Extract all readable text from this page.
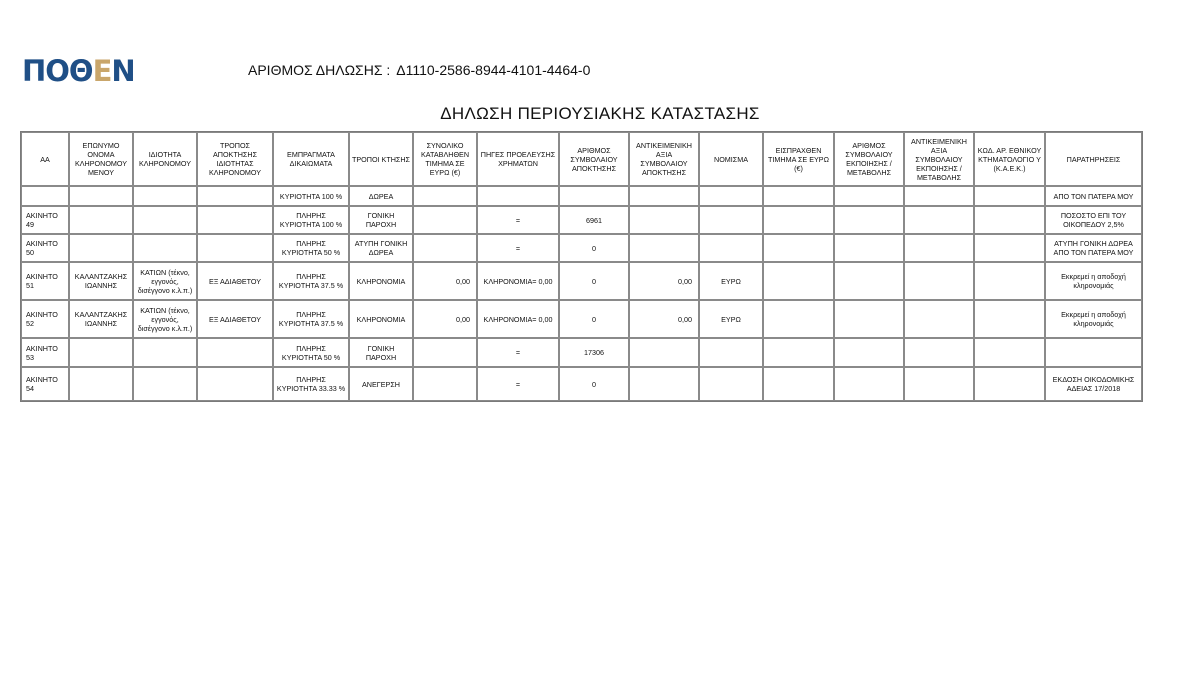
ΠΟΘ Ε Ν	ΑΡΙΘΜΟΣ ΔΗΛΩΣΗΣ : Δ1110-2586-8944-4101-4464-0
ΔΗΛΩΣΗ ΠΕΡΙΟΥΣΙΑΚΗΣ ΚΑΤΑΣΤΑΣΗΣ
ΑΑ	ΕΠΩΝΥΜΟ ΟΝΟΜΑ ΚΛΗΡΟΝΟΜΟΥ ΜΕΝΟΥ	ΙΔΙΟΤΗΤΑ ΚΛΗΡΟΝΟΜΟΥ	ΤΡΟΠΟΣ ΑΠΟΚΤΗΣΗΣ ΙΔΙΟΤΗΤΑΣ ΚΛΗΡΟΝΟΜΟΥ	ΕΜΠΡΑΓΜΑΤΑ ΔΙΚΑΙΩΜΑΤΑ	ΤΡΟΠΟΙ ΚΤΗΣΗΣ	ΣΥΝΟΛΙΚΟ ΚΑΤΑΒΛΗΘΕΝ ΤΙΜΗΜΑ ΣΕ ΕΥΡΩ (€)	ΠΗΓΕΣ ΠΡΟΕΛΕΥΣΗΣ ΧΡΗΜΑΤΩΝ	ΑΡΙΘΜΟΣ ΣΥΜΒΟΛΑΙΟΥ ΑΠΟΚΤΗΣΗΣ	ΑΝΤΙΚΕΙΜΕΝΙΚΗ ΑΞΙΑ ΣΥΜΒΟΛΑΙΟΥ ΑΠΟΚΤΗΣΗΣ	ΝΟΜΙΣΜΑ	ΕΙΣΠΡΑΧΘΕΝ ΤΙΜΗΜΑ ΣΕ ΕΥΡΩ (€)	ΑΡΙΘΜΟΣ ΣΥΜΒΟΛΑΙΟΥ ΕΚΠΟΙΗΣΗΣ /ΜΕΤΑΒΟΛΗΣ	ΑΝΤΙΚΕΙΜΕΝΙΚΗ ΑΞΙΑ ΣΥΜΒΟΛΑΙΟΥ ΕΚΠΟΙΗΣΗΣ / ΜΕΤΑΒΟΛΗΣ	ΚΩΔ. ΑΡ. ΕΘΝΙΚΟΥ ΚΤΗΜΑΤΟΛΟΓΙΟ Υ (Κ.Α.Ε.Κ.)	ΠΑΡΑΤΗΡΗΣΕΙΣ
				ΚΥΡΙΟΤΗΤΑ 100 %	ΔΩΡΕΑ										ΑΠΟ ΤΟΝ ΠΑΤΕΡΑ ΜΟΥ
ΑΚΙΝΗΤΟ 49				ΠΛΗΡΗΣ ΚΥΡΙΟΤΗΤΑ 100 %	ΓΟΝΙΚΗ ΠΑΡΟΧΗ		=	6961							ΠΟΣΟΣΤΟ ΕΠΙ ΤΟΥ ΟΙΚΟΠΕΔΟΥ 2,5%
ΑΚΙΝΗΤΟ 50				ΠΛΗΡΗΣ ΚΥΡΙΟΤΗΤΑ 50 %	ΑΤΥΠΗ ΓΟΝΙΚΗ ΔΩΡΕΑ		=	0							ΑΤΥΠΗ ΓΟΝΙΚΗ ΔΩΡΕΑ ΑΠΟ ΤΟΝ ΠΑΤΕΡΑ ΜΟΥ
ΑΚΙΝΗΤΟ 51	ΚΑΛΑΝΤΖΑΚΗΣ ΙΩΑΝΝΗΣ	ΚΑΤΙΩΝ (τέκνο, εγγονός, δισέγγονο κ.λ.π.)	ΕΞ ΑΔΙΑΘΕΤΟΥ	ΠΛΗΡΗΣ ΚΥΡΙΟΤΗΤΑ 37.5 %	ΚΛΗΡΟΝΟΜΙΑ	0,00	ΚΛΗΡΟΝΟΜΙΑ= 0,00	0	0,00	ΕΥΡΩ					Εκκρεμεί η αποδοχή κληρονομιάς
ΑΚΙΝΗΤΟ 52	ΚΑΛΑΝΤΖΑΚΗΣ ΙΩΑΝΝΗΣ	ΚΑΤΙΩΝ (τέκνο, εγγονός, δισέγγονο κ.λ.π.)	ΕΞ ΑΔΙΑΘΕΤΟΥ	ΠΛΗΡΗΣ ΚΥΡΙΟΤΗΤΑ 37.5 %	ΚΛΗΡΟΝΟΜΙΑ	0,00	ΚΛΗΡΟΝΟΜΙΑ= 0,00	0	0,00	ΕΥΡΩ					Εκκρεμεί η αποδοχή κληρονομιάς
ΑΚΙΝΗΤΟ 53				ΠΛΗΡΗΣ ΚΥΡΙΟΤΗΤΑ 50 %	ΓΟΝΙΚΗ ΠΑΡΟΧΗ		=	17306							
ΑΚΙΝΗΤΟ 54				ΠΛΗΡΗΣ ΚΥΡΙΟΤΗΤΑ 33.33 %	ΑΝΕΓΕΡΣΗ		=	0							ΕΚΔΟΣΗ ΟΙΚΟΔΟΜΙΚΗΣ ΑΔΕΙΑΣ 17/2018
